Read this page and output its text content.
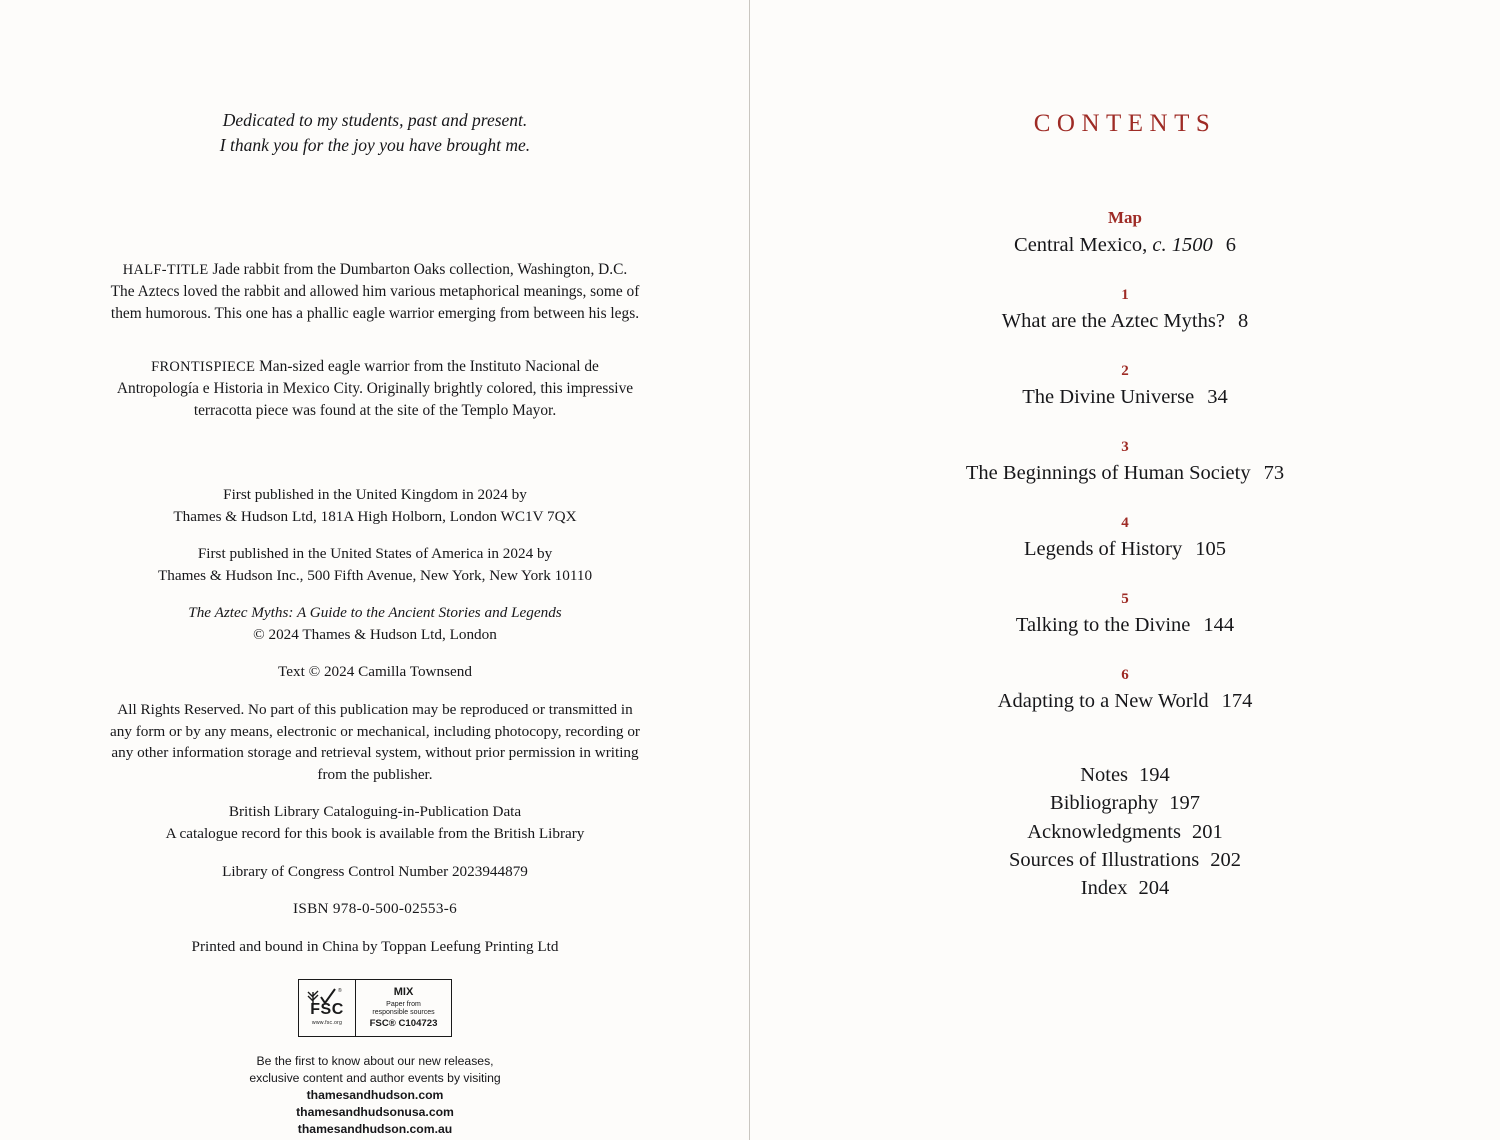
Dedicated to my students, past and present.
I thank you for the joy you have brought me.
HALF-TITLE Jade rabbit from the Dumbarton Oaks collection, Washington, D.C. The Aztecs loved the rabbit and allowed him various metaphorical meanings, some of them humorous. This one has a phallic eagle warrior emerging from between his legs.
FRONTISPIECE Man-sized eagle warrior from the Instituto Nacional de Antropología e Historia in Mexico City. Originally brightly colored, this impressive terracotta piece was found at the site of the Templo Mayor.

First published in the United Kingdom in 2024 by
Thames & Hudson Ltd, 181A High Holborn, London WC1V 7QX

First published in the United States of America in 2024 by
Thames & Hudson Inc., 500 Fifth Avenue, New York, New York 10110

The Aztec Myths: A Guide to the Ancient Stories and Legends
© 2024 Thames & Hudson Ltd, London

Text © 2024 Camilla Townsend

All Rights Reserved. No part of this publication may be reproduced or transmitted in any form or by any means, electronic or mechanical, including photocopy, recording or any other information storage and retrieval system, without prior permission in writing from the publisher.

British Library Cataloguing-in-Publication Data
A catalogue record for this book is available from the British Library

Library of Congress Control Number 2023944879

ISBN 978-0-500-02553-6

Printed and bound in China by Toppan Leefung Printing Ltd

®
FSC
www.fsc.org
MIX
Paper from
responsible sources
FSC® C104723
Be the first to know about our new releases,
exclusive content and author events by visiting
thamesandhudson.com
thamesandhudsonusa.com
thamesandhudson.com.au
CONTENTS
Map
Central Mexico, c. 1500 6
1
What are the Aztec Myths? 8
2
The Divine Universe 34
3
The Beginnings of Human Society 73
4
Legends of History 105
5
Talking to the Divine 144
6
Adapting to a New World 174
Notes 194
Bibliography 197
Acknowledgments 201
Sources of Illustrations 202
Index 204
